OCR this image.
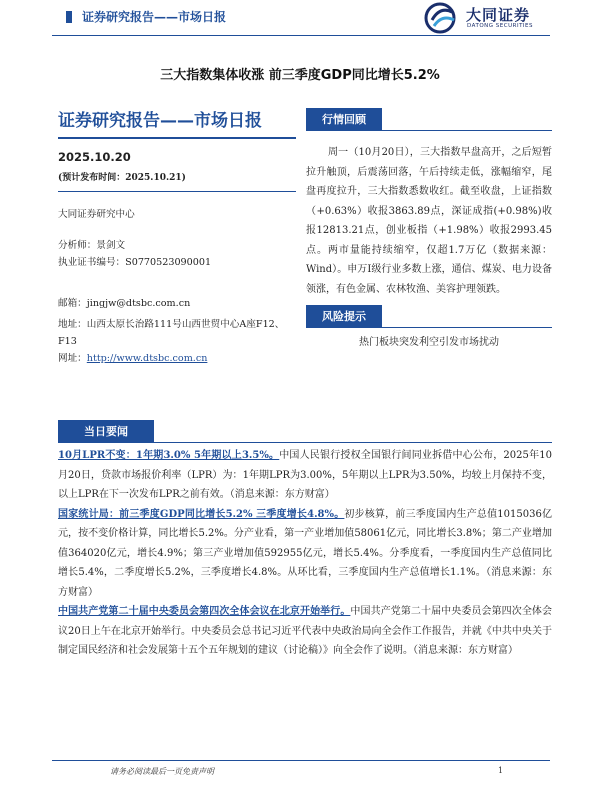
证券研究报告——市场日报	大同证券
DATONG SECURITIES
三大指数集体收涨 前三季度GDP同比增长5.2%
证券研究报告——市场日报
2025.10.20
(预计发布时间：2025.10.21)
大同证券研究中心
分析师：景剑文
执业证书编号：S0770523090001
邮箱：jingjw@dtsbc.com.cn
地址：山西太原长治路111号山西世贸中心A座F12、F13
网址：http://www.dtsbc.com.cn
行情回顾
周一（10月20日），三大指数早盘高开，之后短暂拉升触顶，后震荡回落，午后持续走低，涨幅缩窄，尾盘再度拉升，三大指数悉数收红。截至收盘，上证指数（+0.63%）收报3863.89点，深证成指(+0.98%)收报12813.21点，创业板指（+1.98%）收报2993.45点。两市量能持续缩窄，仅超1.7万亿（数据来源：Wind）。申万I级行业多数上涨，通信、煤炭、电力设备领涨，有色金属、农林牧渔、美容护理领跌。
风险提示
热门板块突发利空引发市场扰动
当日要闻

10月LPR不变：1年期3.0% 5年期以上3.5%。中国人民银行授权全国银行间同业拆借中心公布，2025年10月20日，贷款市场报价利率（LPR）为：1年期LPR为3.00%，5年期以上LPR为3.50%，均较上月保持不变，以上LPR在下一次发布LPR之前有效。（消息来源：东方财富）

国家统计局：前三季度GDP同比增长5.2% 三季度增长4.8%。初步核算，前三季度国内生产总值1015036亿元，按不变价格计算，同比增长5.2%。分产业看，第一产业增加值58061亿元，同比增长3.8%；第二产业增加值364020亿元，增长4.9%；第三产业增加值592955亿元，增长5.4%。分季度看，一季度国内生产总值同比增长5.4%，二季度增长5.2%，三季度增长4.8%。从环比看，三季度国内生产总值增长1.1%。（消息来源：东方财富）

中国共产党第二十届中央委员会第四次全体会议在北京开始举行。中国共产党第二十届中央委员会第四次全体会议20日上午在北京开始举行。中央委员会总书记习近平代表中央政治局向全会作工作报告，并就《中共中央关于制定国民经济和社会发展第十五个五年规划的建议（讨论稿）》向全会作了说明。（消息来源：东方财富）

请务必阅读最后一页免责声明	1
